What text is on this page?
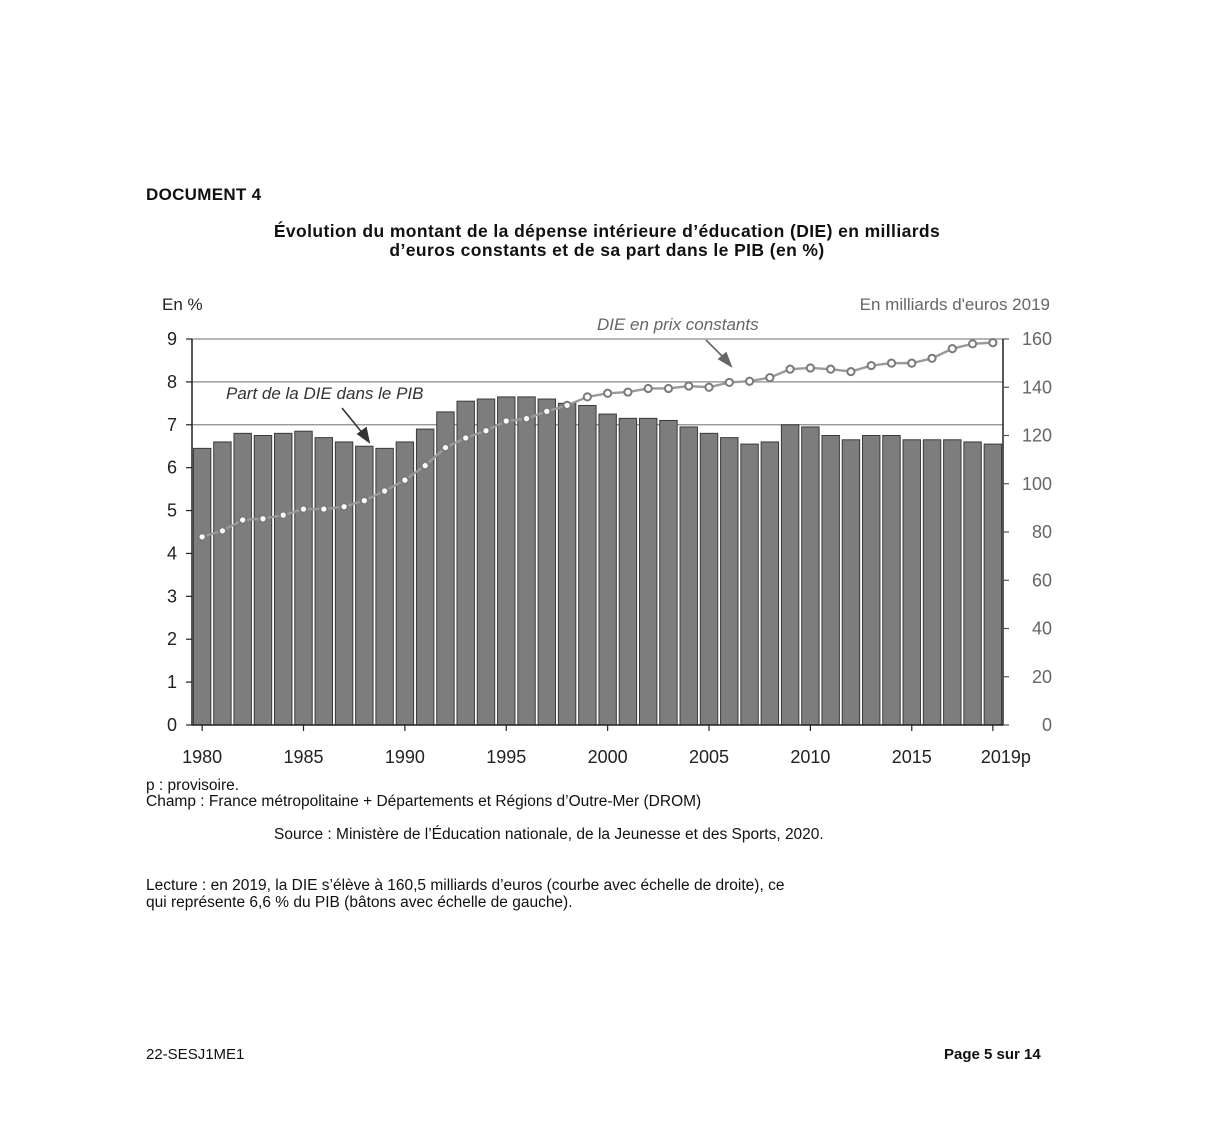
DOCUMENT 4
Évolution du montant de la dépense intérieure d’éducation (DIE) en milliards
d’euros constants et de sa part dans le PIB (en %)
0
1
2
3
4
5
6
7
8
9
0
20
40
60
80
100
120
140
160
1980	1985	1990	1995	2000	2005	2010	2015	2019p
En %	En milliards d'euros 2019
Part de la DIE dans le PIB
DIE en prix constants
p : provisoire.
Champ : France métropolitaine + Départements et Régions d’Outre-Mer (DROM)
Source : Ministère de l’Éducation nationale, de la Jeunesse et des Sports, 2020.
Lecture : en 2019, la DIE s’élève à 160,5 milliards d’euros (courbe avec échelle de droite), ce
qui représente 6,6 % du PIB (bâtons avec échelle de gauche).
22-SESJ1ME1	Page 5 sur 14
